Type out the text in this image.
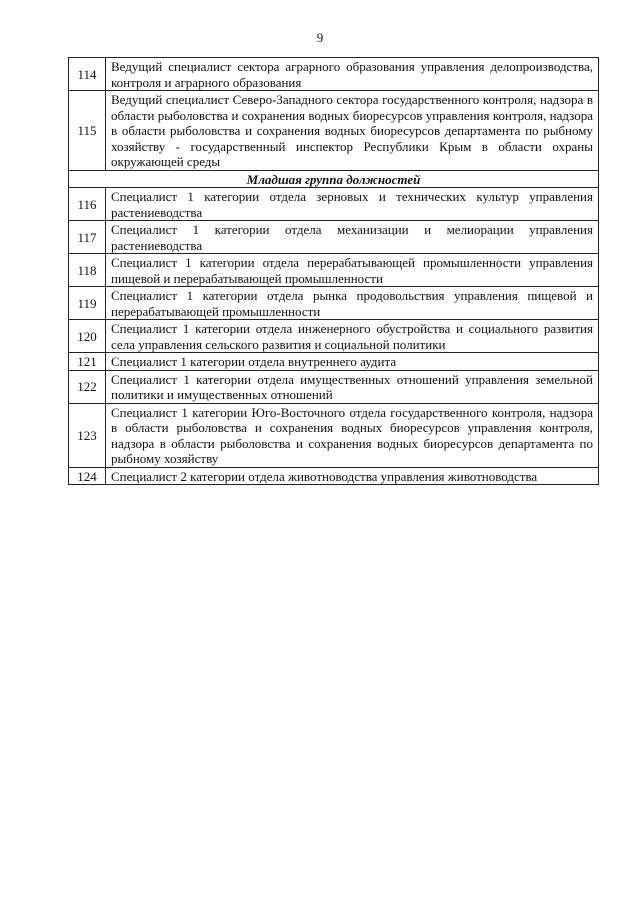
9
114	Ведущий специалист сектора аграрного образования управления делопроизводства, контроля и аграрного образования
115	Ведущий специалист Северо-Западного сектора государственного контроля, надзора в области рыболовства и сохранения водных биоресурсов управления контроля, надзора в области рыболовства и сохранения водных биоресурсов департамента по рыбному хозяйству - государственный инспектор Республики Крым в области охраны окружающей среды
Младшая группа должностей	
116	Специалист 1 категории отдела зерновых и технических культур управления растениеводства
117	Специалист 1 категории отдела механизации и мелиорации управления растениеводства
118	Специалист 1 категории отдела перерабатывающей промышленности управления пищевой и перерабатывающей промышленности
119	Специалист 1 категории отдела рынка продовольствия управления пищевой и перерабатывающей промышленности
120	Специалист 1 категории отдела инженерного обустройства и социального развития села управления сельского развития и социальной политики
121	Специалист 1 категории отдела внутреннего аудита
122	Специалист 1 категории отдела имущественных отношений управления земельной политики и имущественных отношений
123	Специалист 1 категории Юго-Восточного отдела государственного контроля, надзора в области рыболовства и сохранения водных биоресурсов управления контроля, надзора в области рыболовства и сохранения водных биоресурсов департамента по рыбному хозяйству
124	Специалист 2 категории отдела животноводства управления животноводства
